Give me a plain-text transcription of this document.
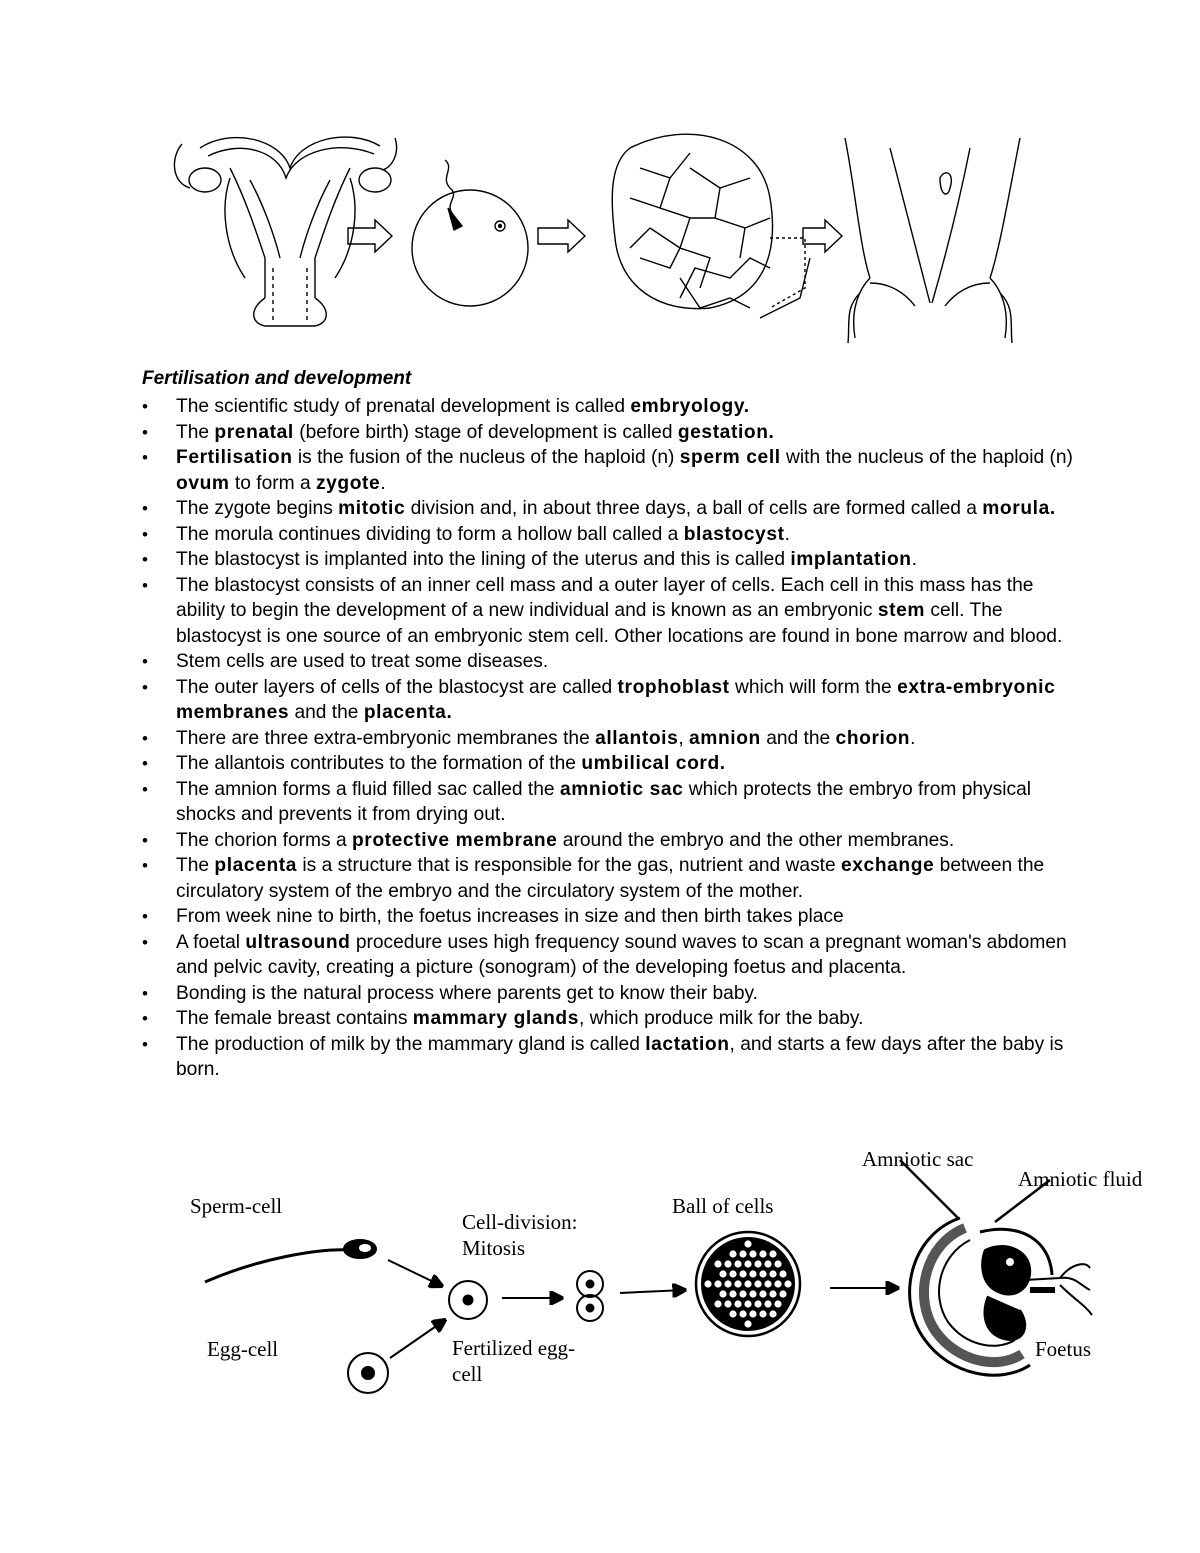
Fertilisation and development
• The scientific study of prenatal development is called embryology.
• The prenatal (before birth) stage of development is called gestation.
• Fertilisation is the fusion of the nucleus of the haploid (n) sperm cell with the nucleus of the haploid (n) ovum to form a zygote.
• The zygote begins mitotic division and, in about three days, a ball of cells are formed called a morula.
• The morula continues dividing to form a hollow ball called a blastocyst.
• The blastocyst is implanted into the lining of the uterus and this is called implantation.
• The blastocyst consists of an inner cell mass and a outer layer of cells. Each cell in this mass has the ability to begin the development of a new individual and is known as an embryonic stem cell. The blastocyst is one source of an embryonic stem cell. Other locations are found in bone marrow and blood.
• Stem cells are used to treat some diseases.
• The outer layers of cells of the blastocyst are called trophoblast which will form the extra-embryonic membranes and the placenta.
• There are three extra-embryonic membranes the allantois, amnion and the chorion.
• The allantois contributes to the formation of the umbilical cord.
• The amnion forms a fluid filled sac called the amniotic sac which protects the embryo from physical shocks and prevents it from drying out.
• The chorion forms a protective membrane around the embryo and the other membranes.
• The placenta is a structure that is responsible for the gas, nutrient and waste exchange between the circulatory system of the embryo and the circulatory system of the mother.
• From week nine to birth, the foetus increases in size and then birth takes place
• A foetal ultrasound procedure uses high frequency sound waves to scan a pregnant woman's abdomen and pelvic cavity, creating a picture (sonogram) of the developing foetus and placenta.
• Bonding is the natural process where parents get to know their baby.
• The female breast contains mammary glands, which produce milk for the baby.
• The production of milk by the mammary gland is called lactation, and starts a few days after the baby is born.
Sperm-cell
Egg-cell
Cell-division:
Mitosis
Fertilized egg-
cell
Ball of cells
Amniotic sac
Amniotic fluid
Foetus
